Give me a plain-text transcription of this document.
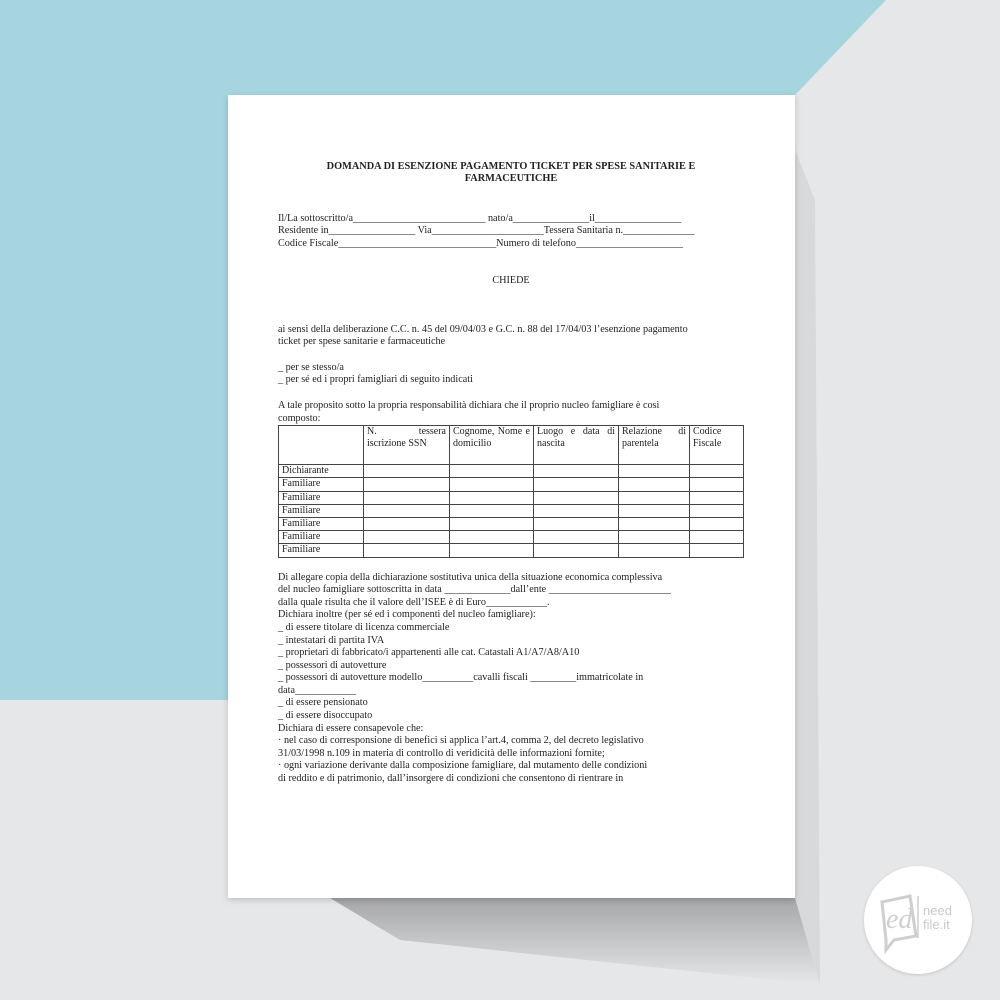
DOMANDA DI ESENZIONE PAGAMENTO TICKET PER SPESE SANITARIE E
FARMACEUTICHE

Il/La sottoscritto/a__________________________ nato/a_______________il_________________

Residente in_________________ Via______________________Tessera Sanitaria n.______________

Codice Fiscale_______________________________Numero di telefono_____________________

CHIEDE

ai sensi della deliberazione C.C. n. 45 del 09/04/03 e G.C. n. 88 del 17/04/03 l’esenzione pagamento

ticket per spese sanitarie e farmaceutiche

_ per se stesso/a

_ per sé ed i propri famigliari di seguito indicati

A tale proposito sotto la propria responsabilità dichiara che il proprio nucleo famigliare è così

composto:

	N. tessera iscrizione SSN	Cognome, Nome e domicilio	Luogo e data di nascita	Relazione di parentela	Codice Fiscale
Dichiarante					
Familiare					
Familiare					
Familiare					
Familiare					
Familiare					
Familiare					

Di allegare copia della dichiarazione sostitutiva unica della situazione economica complessiva

del nucleo famigliare sottoscritta in data _____________dall’ente ________________________

dalla quale risulta che il valore dell’ISEE è di Euro____________.

Dichiara inoltre (per sé ed i componenti del nucleo famigliare):

_ di essere titolare di licenza commerciale

_ intestatari di partita IVA

_ proprietari di fabbricato/i appartenenti alle cat. Catastali A1/A7/A8/A10

_ possessori di autovetture

_ possessori di autovetture modello__________cavalli fiscali _________immatricolate in

data____________

_ di essere pensionato

_ di essere disoccupato

Dichiara di essere consapevole che:

· nel caso di corresponsione di benefici si applica l’art.4, comma 2, del decreto legislativo

31/03/1998 n.109 in materia di controllo di veridicità delle informazioni fornite;

· ogni variazione derivante dalla composizione famigliare, dal mutamento delle condizioni

di reddito e di patrimonio, dall’insorgere di condizioni che consentono di rientrare in

ed need
file.it
